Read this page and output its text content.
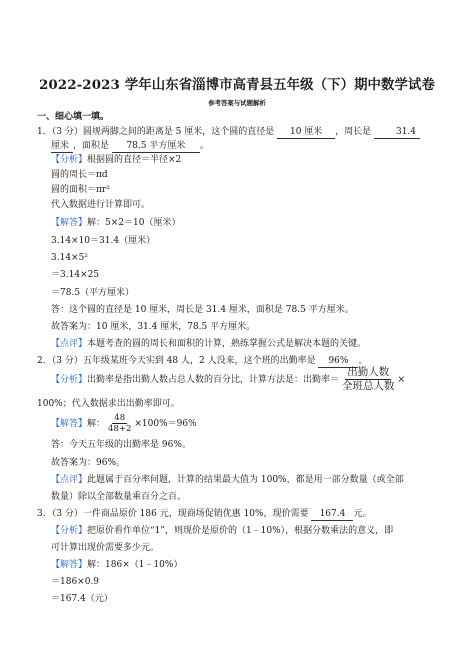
2022-2023 学年山东省淄博市高青县五年级（下）期中数学试卷
参考答案与试题解析
一、细心填一填。
1．（3 分）圆规两脚之间的距离是 5 厘米，这个圆的直径是 10 厘米 ，周长是	31.4
厘米 ，面积是 78.5 平方厘米 。
【分析】根据圆的直径＝半径×2
圆的周长＝πd
圆的面积＝πr²
代入数据进行计算即可。
【解答】解：5×2＝10（厘米）
3.14×10＝31.4（厘米）
3.14×5²
＝3.14×25
＝78.5（平方厘米）
答：这个圆的直径是 10 厘米，周长是 31.4 厘米，面积是 78.5 平方厘米。
故答案为：10 厘米，31.4 厘米，78.5 平方厘米。
【点评】本题考查的圆的周长和面积的计算，熟练掌握公式是解决本题的关键。
2．（3 分）五年级某班今天实到 48 人，2 人没来，这个班的出勤率是 96% 。
【分析】出勤率是指出勤人数占总人数的百分比，计算方法是：出勤率＝ $\frac{\text{出勤人数}}{\text{全班总人数}}$ ×
100%；代入数据求出出勤率即可。
【解答】解： $\frac{48}{48+2} \times 100\%=96\%$
答：今天五年级的出勤率是 96%。
故答案为：96%。
【点评】此题属于百分率问题，计算的结果最大值为 100%，都是用一部分数量（或全部
数量）除以全部数量乘百分之百。
3．（3 分）一件商品原价 186 元，现商场促销优惠 10%，现价需要 167.4 元。
【分析】把原价看作单位“1”，则现价是原价的（1﹣10%），根据分数乘法的意义，即
可计算出现价需要多少元。
【解答】解：186×（1﹣10%）
＝186×0.9
＝167.4（元）
